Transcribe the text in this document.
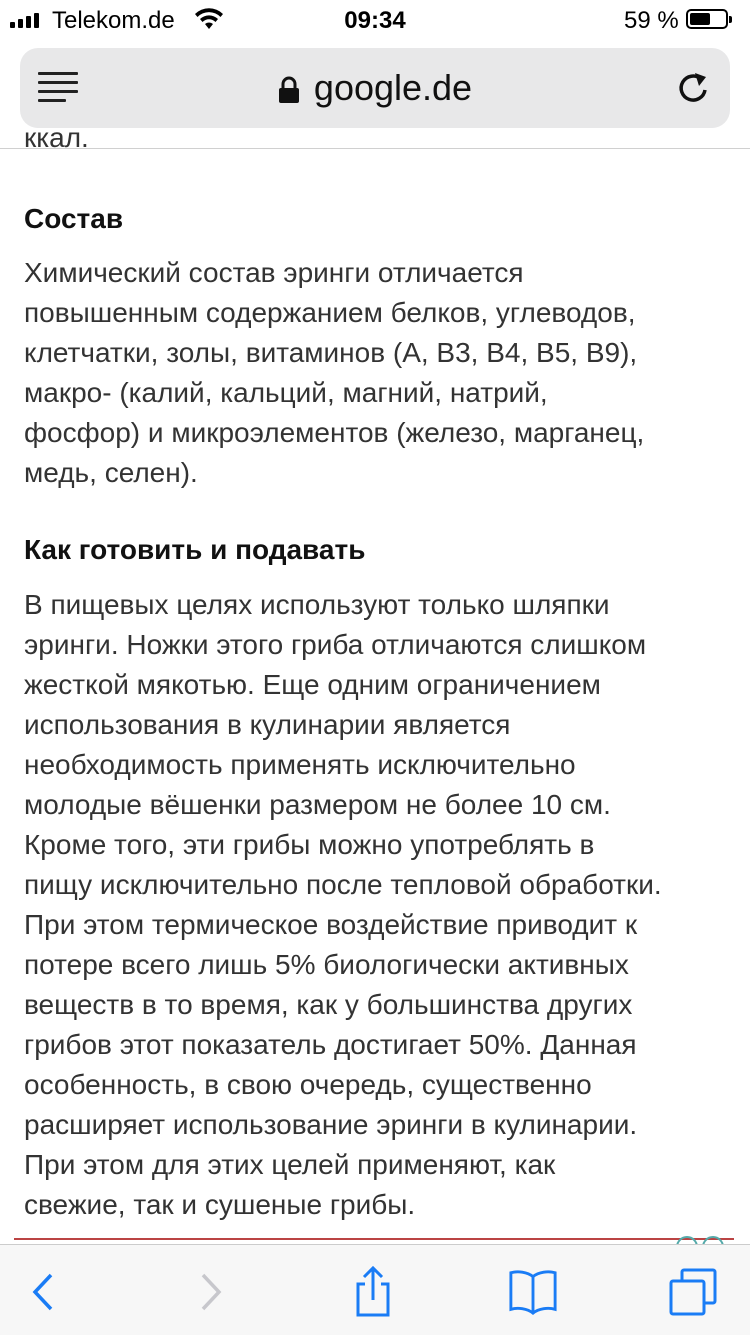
Telekom.de	09:34	59 %
google.de
ккал.
Состав

Химический состав эринги отличается
повышенным содержанием белков, углеводов,
клетчатки, золы, витаминов (А, В3, В4, В5, В9),
макро- (калий, кальций, магний, натрий,
фосфор) и микроэлементов (железо, марганец,
медь, селен).

Как готовить и подавать

В пищевых целях используют только шляпки
эринги. Ножки этого гриба отличаются слишком
жесткой мякотью. Еще одним ограничением
использования в кулинарии является
необходимость применять исключительно
молодые вёшенки размером не более 10 см.
Кроме того, эти грибы можно употреблять в
пищу исключительно после тепловой обработки.
При этом термическое воздействие приводит к
потере всего лишь 5% биологически активных
веществ в то время, как у большинства других
грибов этот показатель достигает 50%. Данная
особенность, в свою очередь, существенно
расширяет использование эринги в кулинарии.
При этом для этих целей применяют, как
свежие, так и сушеные грибы.
